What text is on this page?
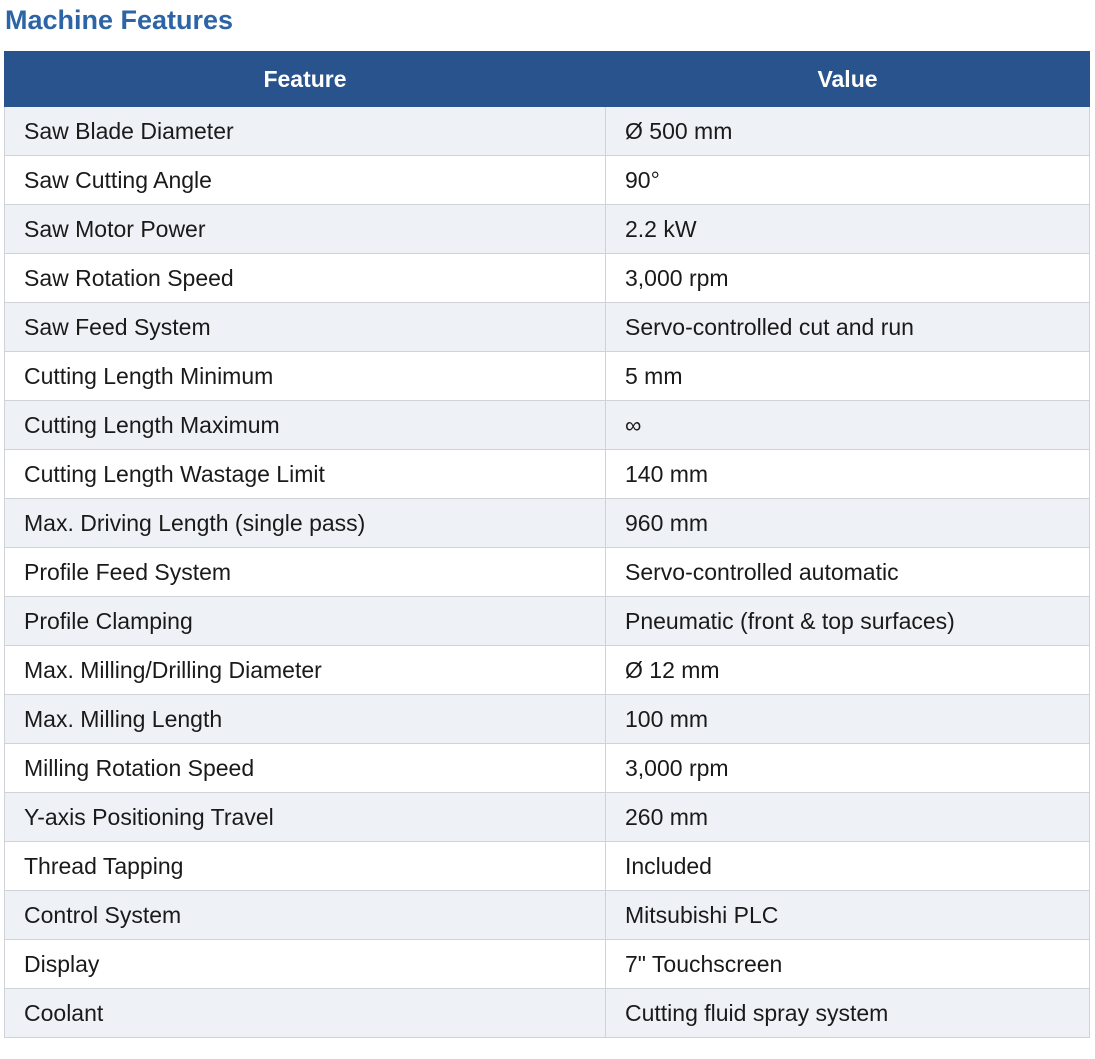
Machine Features
Feature	Value
Saw Blade Diameter	Ø 500 mm
Saw Cutting Angle	90°
Saw Motor Power	2.2 kW
Saw Rotation Speed	3,000 rpm
Saw Feed System	Servo-controlled cut and run
Cutting Length Minimum	5 mm
Cutting Length Maximum	∞
Cutting Length Wastage Limit	140 mm
Max. Driving Length (single pass)	960 mm
Profile Feed System	Servo-controlled automatic
Profile Clamping	Pneumatic (front & top surfaces)
Max. Milling/Drilling Diameter	Ø 12 mm
Max. Milling Length	100 mm
Milling Rotation Speed	3,000 rpm
Y-axis Positioning Travel	260 mm
Thread Tapping	Included
Control System	Mitsubishi PLC
Display	7" Touchscreen
Coolant	Cutting fluid spray system
